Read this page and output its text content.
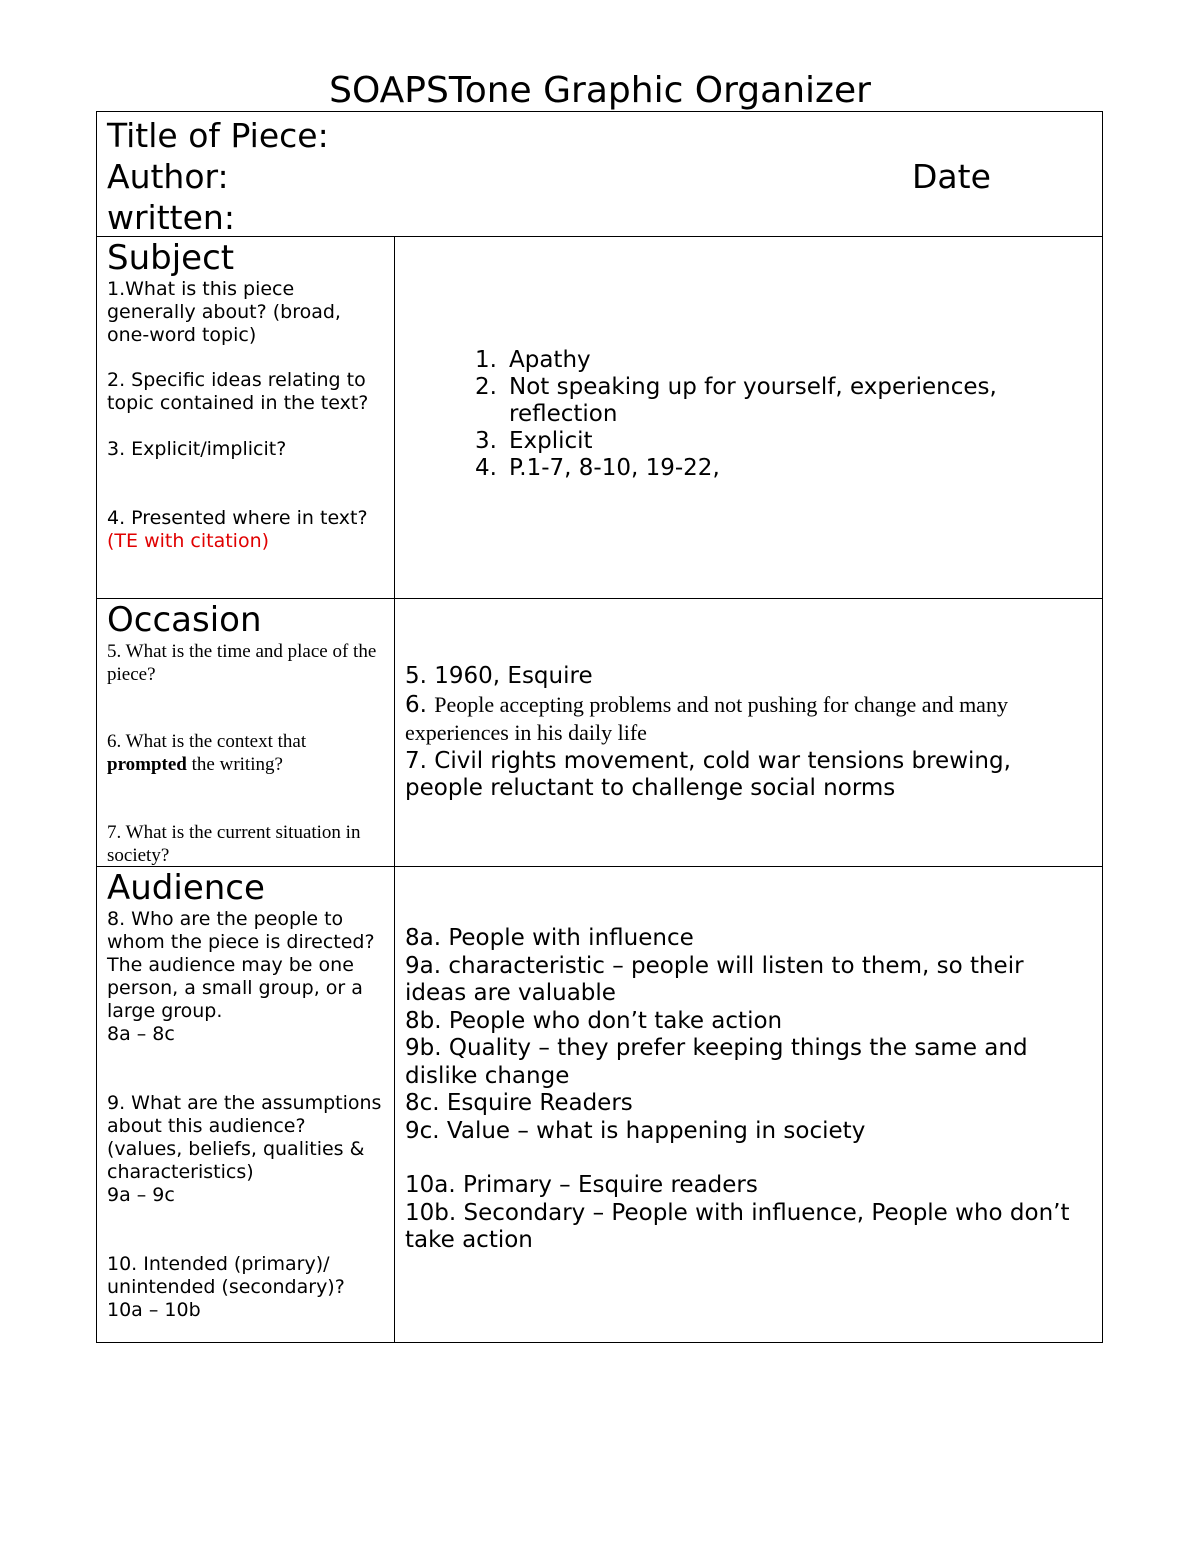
SOAPSTone Graphic Organizer
Title of Piece:
Author:	Date
written:
Subject
1.What is this piece generally about? (broad, one-word topic)
2. Specific ideas relating to topic contained in the text?
3. Explicit/implicit?
4. Presented where in text?
(TE with citation)
1. Apathy
2. Not speaking up for yourself, experiences, reflection
3. Explicit
4. P.1-7, 8-10, 19-22,
Occasion
5. What is the time and place of the piece?
6. What is the context that prompted the writing?
7. What is the current situation in society?
5. 1960, Esquire
6. People accepting problems and not pushing for change and many experiences in his daily life
7. Civil rights movement, cold war tensions brewing, people reluctant to challenge social norms
Audience
8. Who are the people to whom the piece is directed? The audience may be one person, a small group, or a large group.
8a – 8c
9. What are the assumptions about this audience? (values, beliefs, qualities & characteristics)
9a – 9c
10. Intended (primary)/ unintended (secondary)?
10a – 10b
8a. People with influence
9a. characteristic – people will listen to them, so their ideas are valuable
8b. People who don’t take action
9b. Quality – they prefer keeping things the same and dislike change
8c. Esquire Readers
9c. Value – what is happening in society
10a. Primary – Esquire readers
10b. Secondary – People with influence, People who don’t take action
